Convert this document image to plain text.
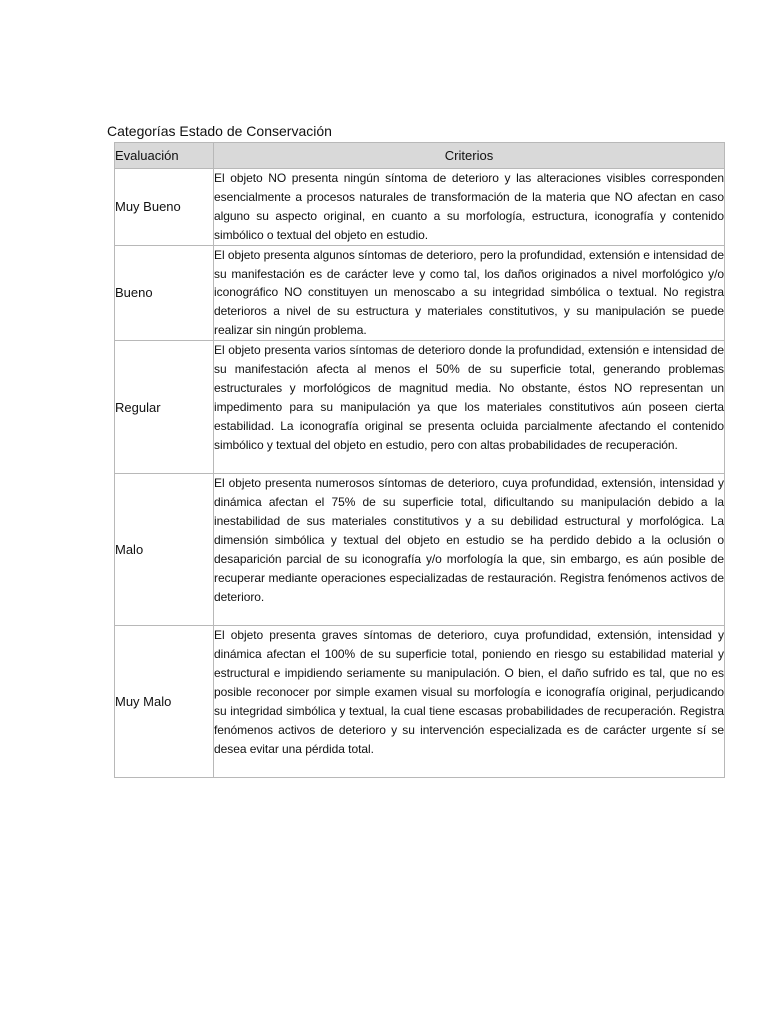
Categorías Estado de Conservación
Evaluación	Criterios
Muy Bueno	El objeto NO presenta ningún síntoma de deterioro y las alteraciones visibles corresponden esencialmente a procesos naturales de transformación de la materia que NO afectan en caso alguno su aspecto original, en cuanto a su morfología, estructura, iconografía y contenido simbólico o textual del objeto en estudio.
Bueno	El objeto presenta algunos síntomas de deterioro, pero la profundidad, extensión e intensidad de su manifestación es de carácter leve y como tal, los daños originados a nivel morfológico y/o iconográfico NO constituyen un menoscabo a su integridad simbólica o textual. No registra deterioros a nivel de su estructura y materiales constitutivos, y su manipulación se puede realizar sin ningún problema.
Regular	El objeto presenta varios síntomas de deterioro donde la profundidad, extensión e intensidad de su manifestación afecta al menos el 50% de su superficie total, generando problemas estructurales y morfológicos de magnitud media. No obstante, éstos NO representan un impedimento para su manipulación ya que los materiales constitutivos aún poseen cierta estabilidad. La iconografía original se presenta ocluida parcialmente afectando el contenido simbólico y textual del objeto en estudio, pero con altas probabilidades de recuperación.
Malo	El objeto presenta numerosos síntomas de deterioro, cuya profundidad, extensión, intensidad y dinámica afectan el 75% de su superficie total, dificultando su manipulación debido a la inestabilidad de sus materiales constitutivos y a su debilidad estructural y morfológica. La dimensión simbólica y textual del objeto en estudio se ha perdido debido a la oclusión o desaparición parcial de su iconografía y/o morfología la que, sin embargo, es aún posible de recuperar mediante operaciones especializadas de restauración. Registra fenómenos activos de deterioro.
Muy Malo	El objeto presenta graves síntomas de deterioro, cuya profundidad, extensión, intensidad y dinámica afectan el 100% de su superficie total, poniendo en riesgo su estabilidad material y estructural e impidiendo seriamente su manipulación. O bien, el daño sufrido es tal, que no es posible reconocer por simple examen visual su morfología e iconografía original, perjudicando su integridad simbólica y textual, la cual tiene escasas probabilidades de recuperación. Registra fenómenos activos de deterioro y su intervención especializada es de carácter urgente sí se desea evitar una pérdida total.
